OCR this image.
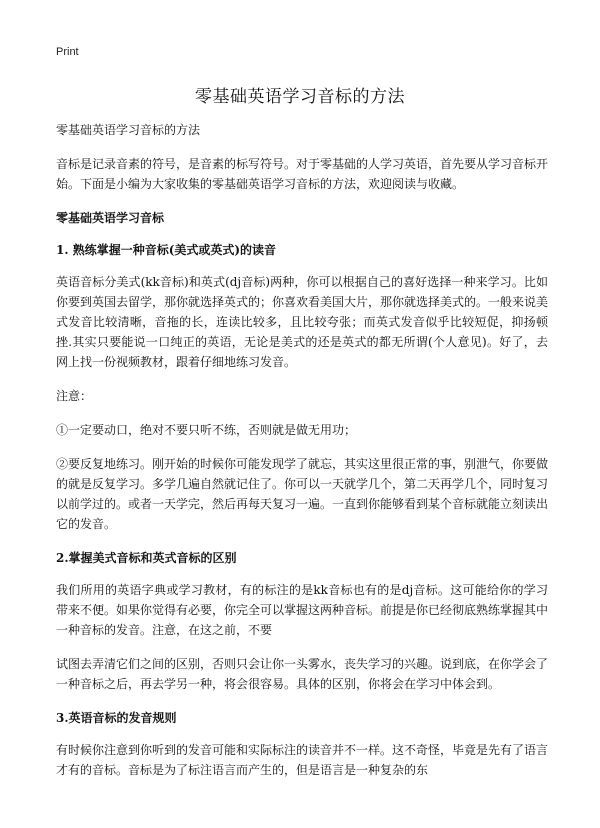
Print
零基础英语学习音标的方法

零基础英语学习音标的方法

音标是记录音素的符号，是音素的标写符号。对于零基础的人学习英语，首先要从学习音标开始。下面是小编为大家收集的零基础英语学习音标的方法，欢迎阅读与收藏。

零基础英语学习音标
1. 熟练掌握一种音标(美式或英式)的读音

英语音标分美式(kk音标)和英式(dj音标)两种，你可以根据自己的喜好选择一种来学习。比如你要到英国去留学，那你就选择英式的；你喜欢看美国大片，那你就选择美式的。一般来说美式发音比较清晰，音拖的长，连读比较多，且比较夸张；而英式发音似乎比较短促，抑扬顿挫.其实只要能说一口纯正的英语，无论是美式的还是英式的都无所谓(个人意见)。好了，去网上找一份视频教材，跟着仔细地练习发音。

注意：

①一定要动口，绝对不要只听不练，否则就是做无用功；

②要反复地练习。刚开始的时候你可能发现学了就忘，其实这里很正常的事，别泄气，你要做的就是反复学习。多学几遍自然就记住了。你可以一天就学几个，第二天再学几个，同时复习以前学过的。或者一天学完，然后再每天复习一遍。一直到你能够看到某个音标就能立刻读出它的发音。

2.掌握美式音标和英式音标的区别

我们所用的英语字典或学习教材，有的标注的是kk音标也有的是dj音标。这可能给你的学习带来不便。如果你觉得有必要，你完全可以掌握这两种音标。前提是你已经彻底熟练掌握其中一种音标的发音。注意，在这之前，不要

试图去弄清它们之间的区别，否则只会让你一头雾水，丧失学习的兴趣。说到底，在你学会了一种音标之后，再去学另一种，将会很容易。具体的区别，你将会在学习中体会到。

3.英语音标的发音规则

有时候你注意到你听到的发音可能和实际标注的读音并不一样。这不奇怪，毕竟是先有了语言才有的音标。音标是为了标注语言而产生的，但是语言是一种复杂的东
